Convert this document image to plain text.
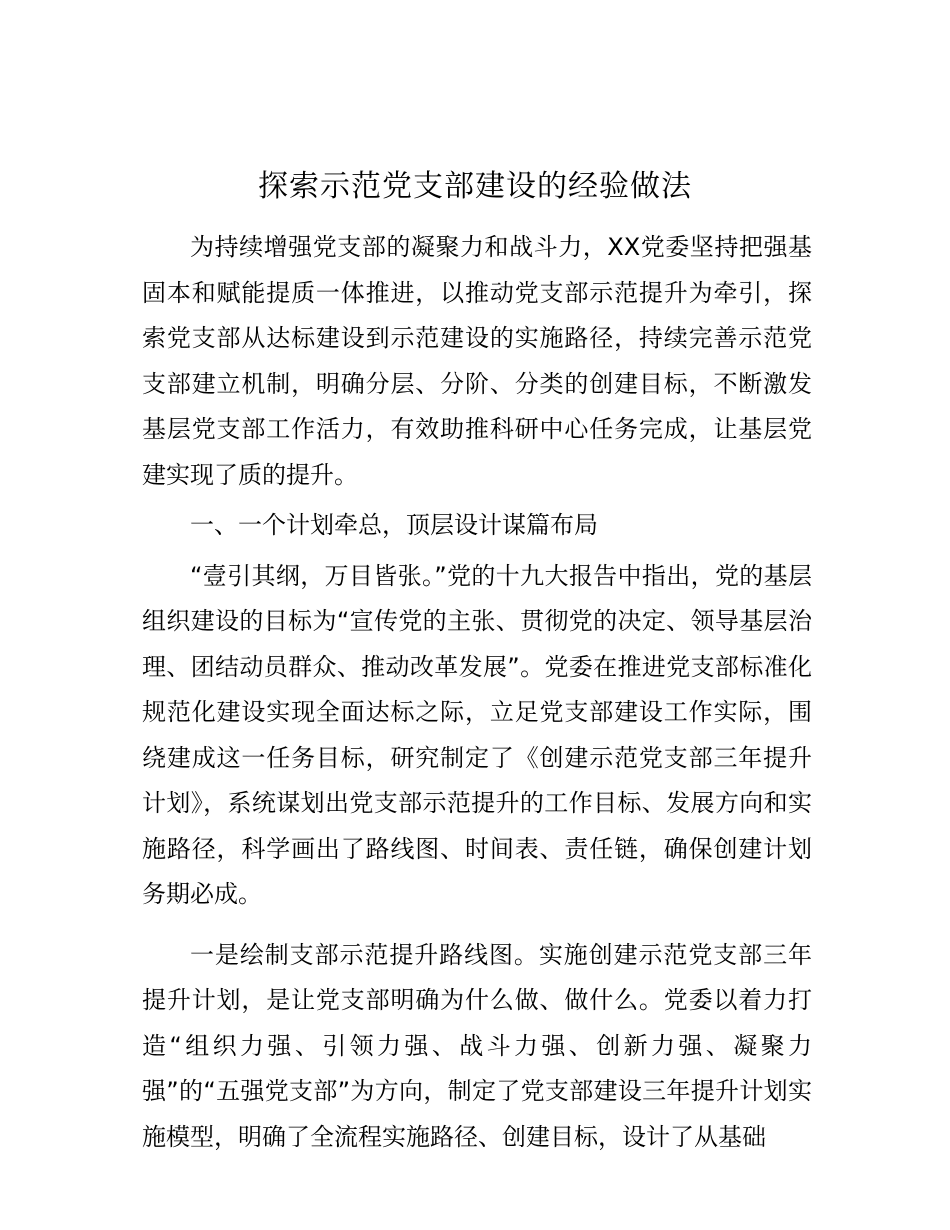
探索示范党支部建设的经验做法

为持续增强党支部的凝聚力和战斗力，XX党委坚持把强基固本和赋能提质一体推进，以推动党支部示范提升为牵引，探索党支部从达标建设到示范建设的实施路径，持续完善示范党支部建立机制，明确分层、分阶、分类的创建目标，不断激发基层党支部工作活力，有效助推科研中心任务完成，让基层党建实现了质的提升。

一、一个计划牵总，顶层设计谋篇布局

“壹引其纲，万目皆张。”党的十九大报告中指出，党的基层组织建设的目标为“宣传党的主张、贯彻党的决定、领导基层治理、团结动员群众、推动改革发展”。党委在推进党支部标准化规范化建设实现全面达标之际，立足党支部建设工作实际，围绕建成这一任务目标，研究制定了《创建示范党支部三年提升计划》，系统谋划出党支部示范提升的工作目标、发展方向和实施路径，科学画出了路线图、时间表、责任链，确保创建计划务期必成。

一是绘制支部示范提升路线图。实施创建示范党支部三年提升计划，是让党支部明确为什么做、做什么。党委以着力打造“组织力强、引领力强、战斗力强、创新力强、凝聚力强”的“五强党支部”为方向，制定了党支部建设三年提升计划实施模型，明确了全流程实施路径、创建目标，设计了从基础
